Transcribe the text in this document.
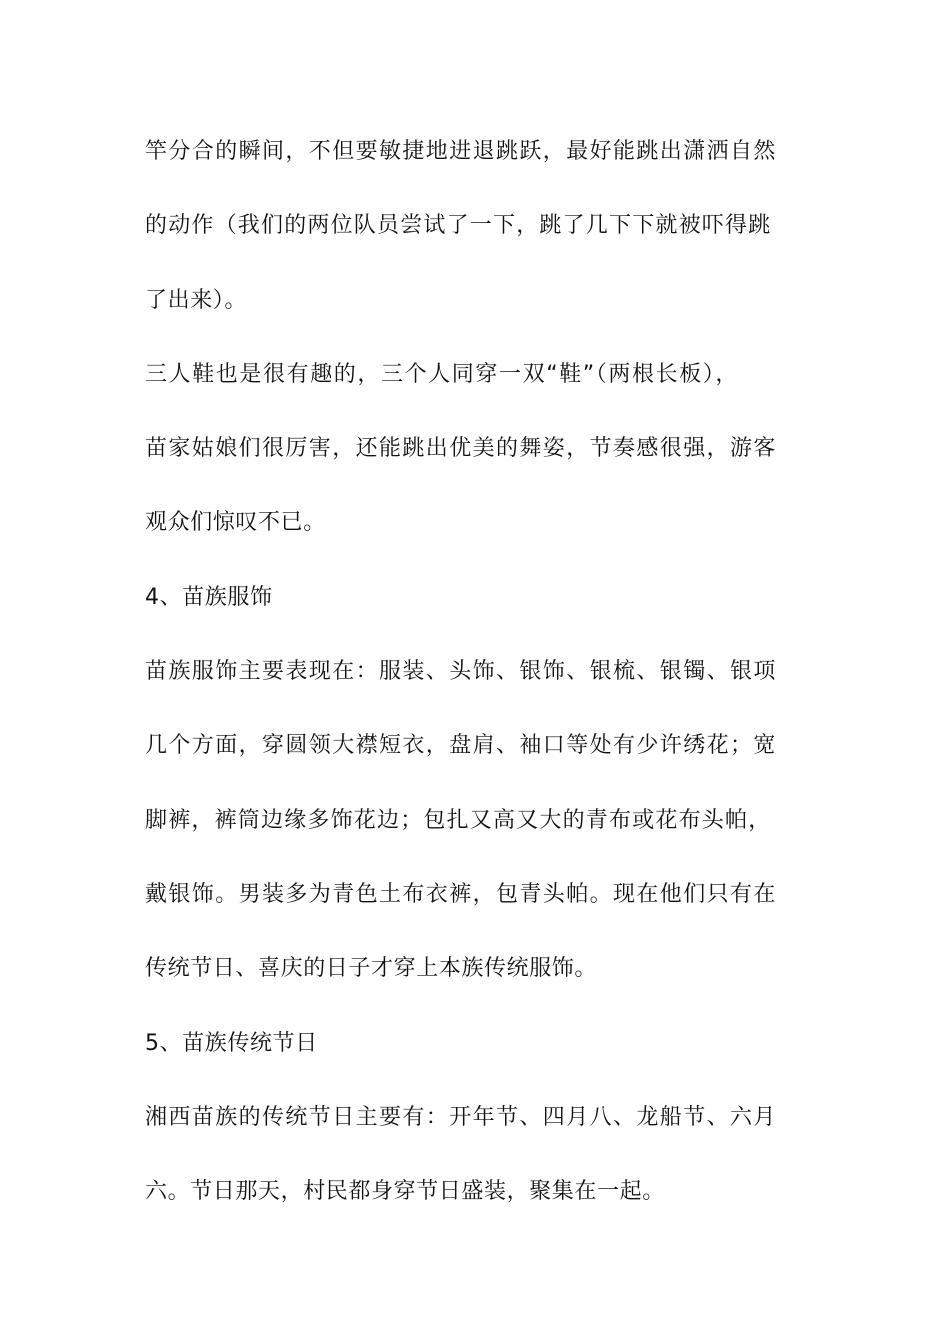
竿分合的瞬间，不但要敏捷地进退跳跃，最好能跳出潇洒自然
的动作（我们的两位队员尝试了一下，跳了几下下就被吓得跳
了出来）。
三人鞋也是很有趣的，三个人同穿一双“鞋”（两根长板），
苗家姑娘们很厉害，还能跳出优美的舞姿，节奏感很强，游客
观众们惊叹不已。
4、苗族服饰
苗族服饰主要表现在：服装、头饰、银饰、银梳、银镯、银项
几个方面，穿圆领大襟短衣，盘肩、袖口等处有少许绣花；宽
脚裤，裤筒边缘多饰花边；包扎又高又大的青布或花布头帕，
戴银饰。男装多为青色土布衣裤，包青头帕。现在他们只有在
传统节日、喜庆的日子才穿上本族传统服饰。
5、苗族传统节日
湘西苗族的传统节日主要有：开年节、四月八、龙船节、六月
六。节日那天，村民都身穿节日盛装，聚集在一起。
